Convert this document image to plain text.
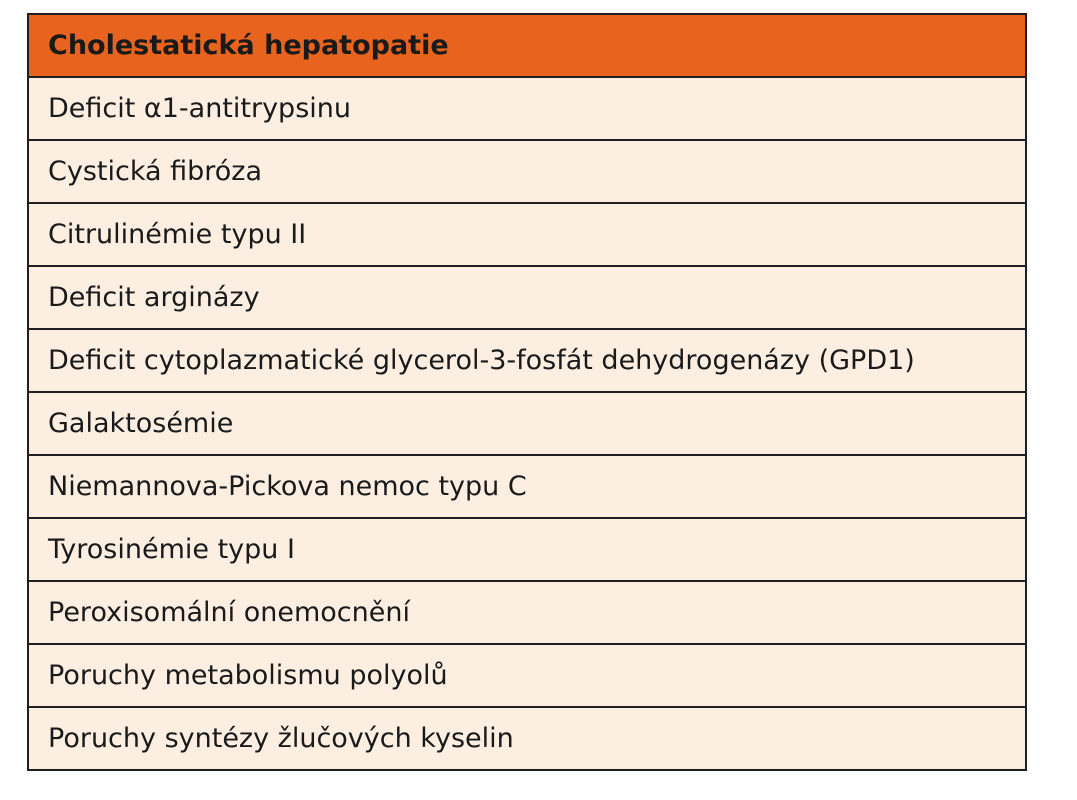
Cholestatická hepatopatie
Deficit α1-antitrypsinu
Cystická fibróza
Citrulinémie typu II
Deficit arginázy
Deficit cytoplazmatické glycerol-3-fosfát dehydrogenázy (GPD1)
Galaktosémie
Niemannova-Pickova nemoc typu C
Tyrosinémie typu I
Peroxisomální onemocnění
Poruchy metabolismu polyolů
Poruchy syntézy žlučových kyselin
